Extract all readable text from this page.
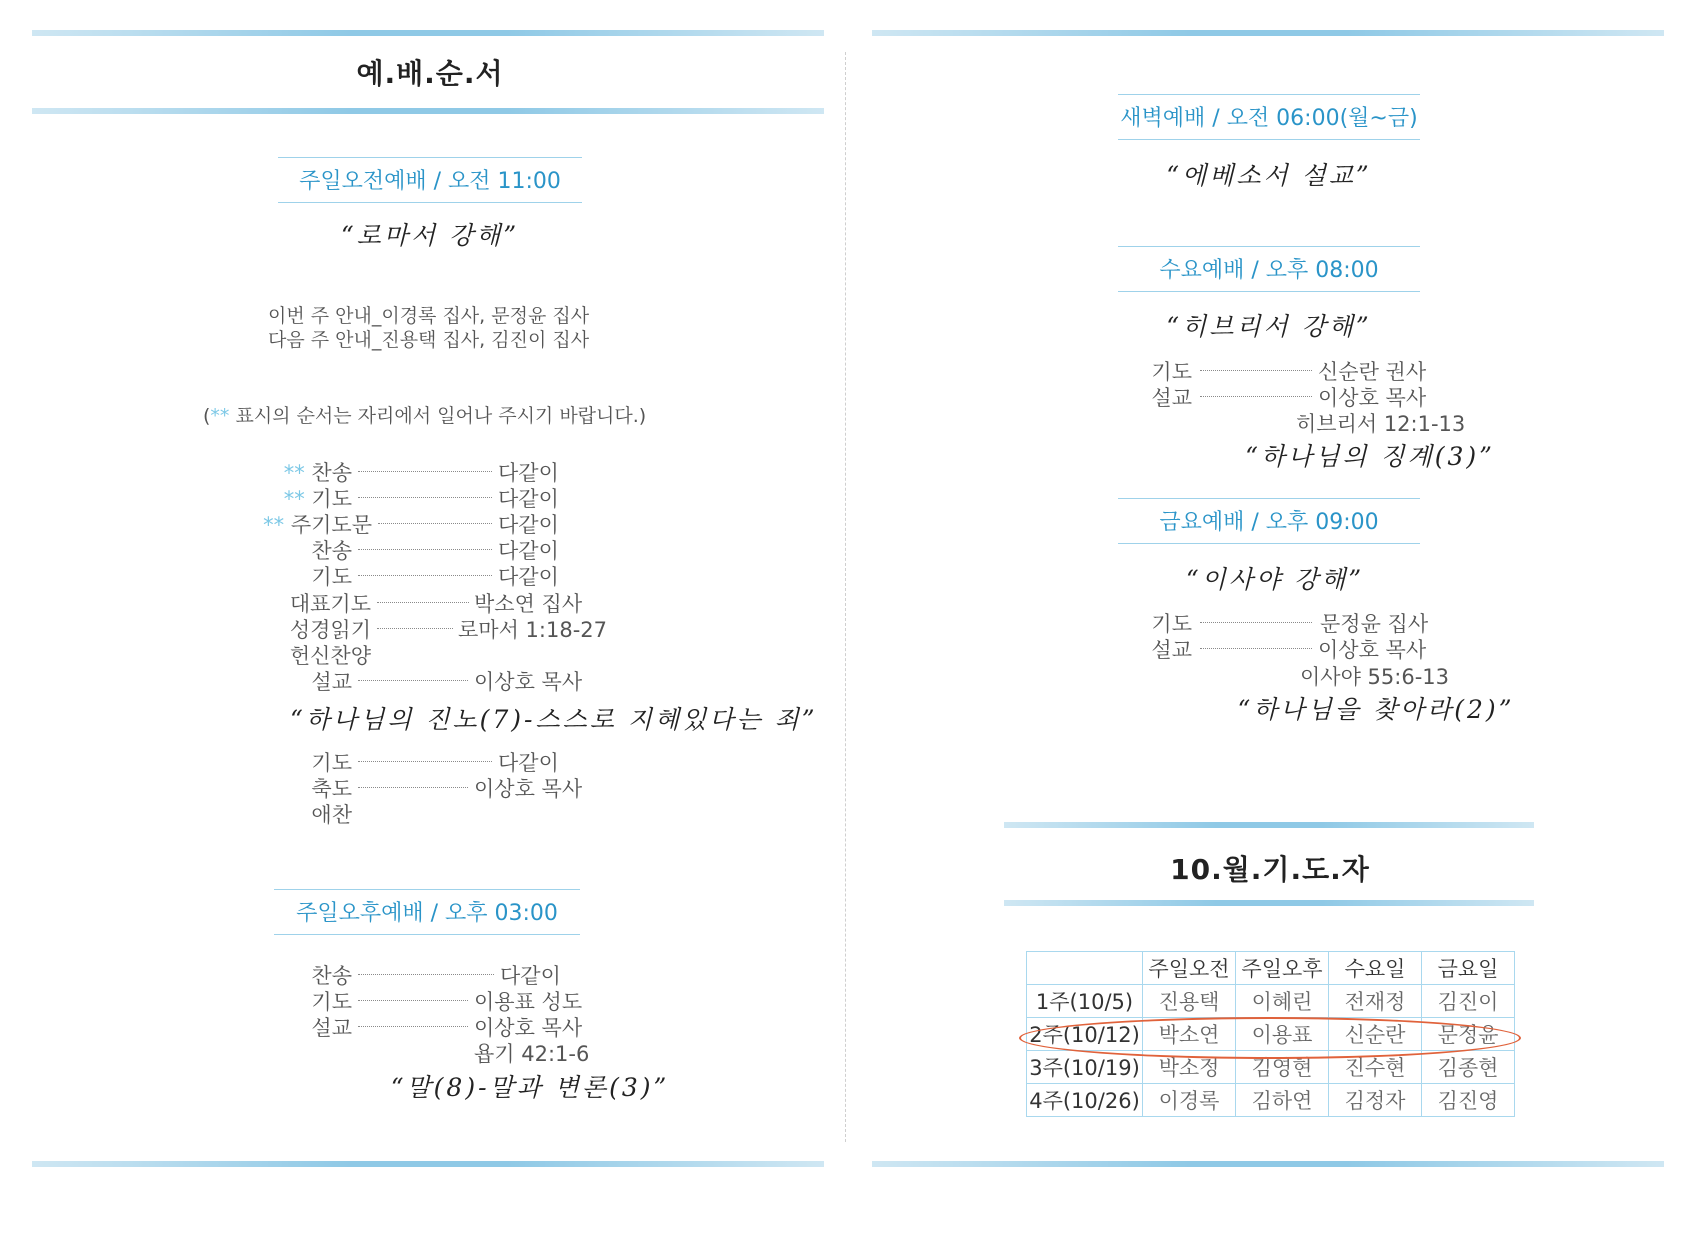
예.배.순.서
주일오전예배 / 오전 11:00
“로마서 강해”
이번 주 안내_이경록 집사, 문정윤 집사
다음 주 안내_진용택 집사, 김진이 집사
(** 표시의 순서는 자리에서 일어나 주시기 바랍니다.)
** 찬송	다같이
** 기도	다같이
** 주기도문	다같이
찬송	다같이
기도	다같이
대표기도	박소연 집사
성경읽기	로마서 1:18-27
헌신찬양
설교	이상호 목사
“하나님의 진노(7)-스스로 지혜있다는 죄”
기도	다같이
축도	이상호 목사
애찬
주일오후예배 / 오후 03:00
찬송	다같이
기도	이용표 성도
설교	이상호 목사
욥기 42:1-6
“말(8)-말과 변론(3)”
새벽예배 / 오전 06:00(월~금)
“에베소서 설교”
수요예배 / 오후 08:00
“히브리서 강해”
기도	신순란 권사
설교	이상호 목사
히브리서 12:1-13
“하나님의 징계(3)”
금요예배 / 오후 09:00
“이사야 강해”
기도	문정윤 집사
설교	이상호 목사
이사야 55:6-13
“하나님을 찾아라(2)”
10.월.기.도.자
	주일오전	주일오후	수요일	금요일
1주(10/5)	진용택	이혜린	전재정	김진이
2주(10/12)	박소연	이용표	신순란	문정윤
3주(10/19)	박소정	김영현	진수현	김종현
4주(10/26)	이경록	김하연	김정자	김진영
